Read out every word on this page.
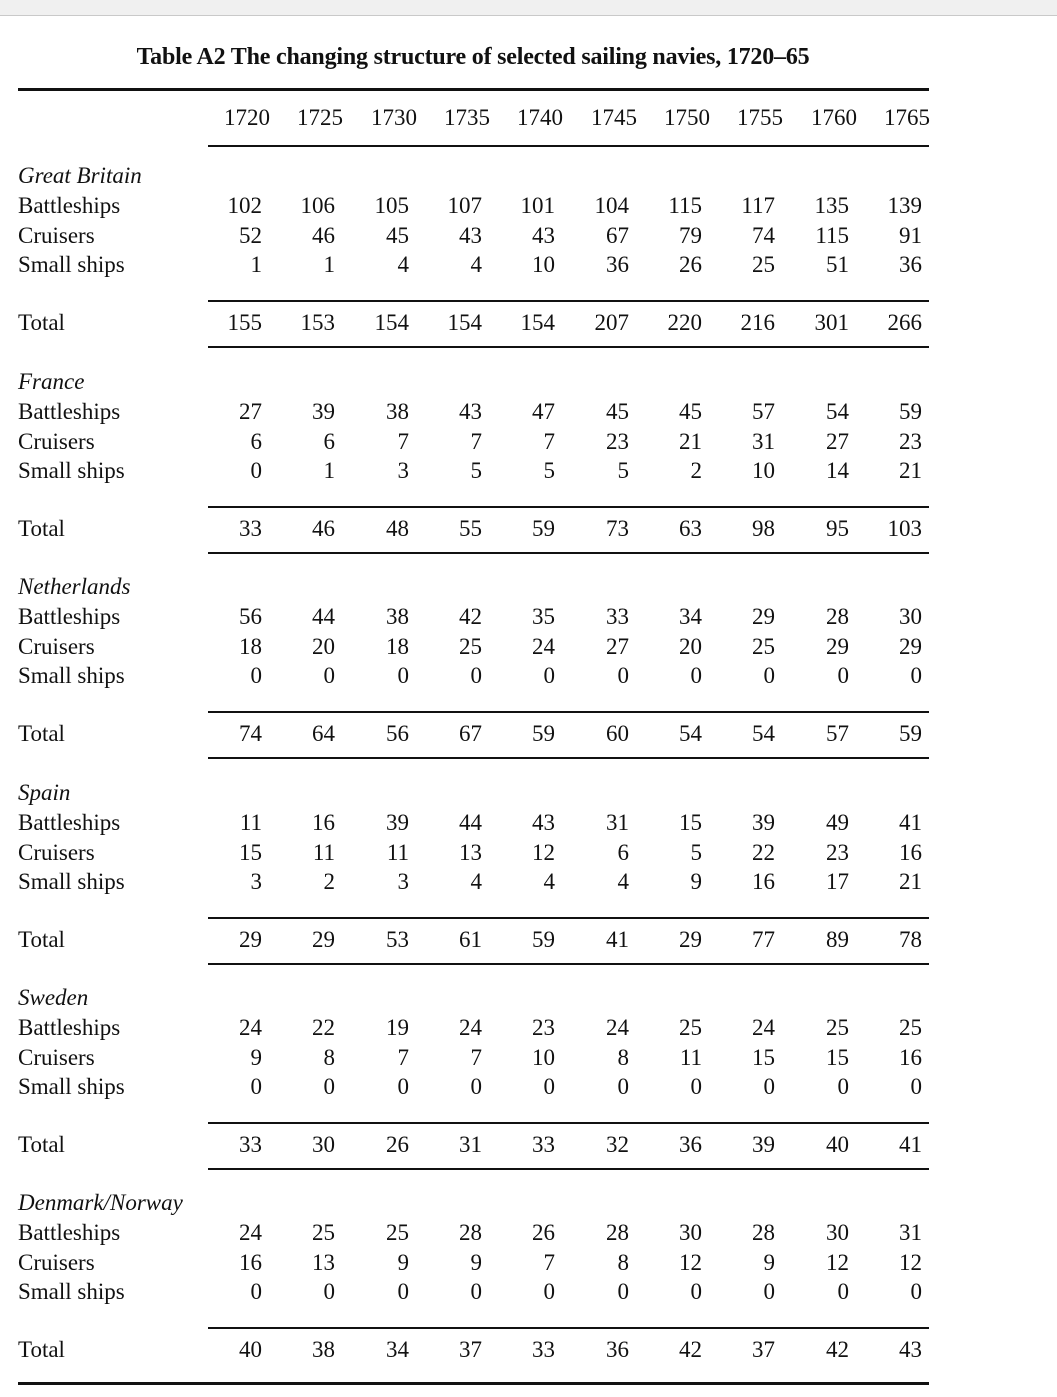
Table A2 The changing structure of selected sailing navies, 1720–65
1720	1725	1730	1735	1740	1745	1750	1755	1760	1765
Great Britain
Battleships	102	106	105	107	101	104	115	117	135	139
Cruisers	52	46	45	43	43	67	79	74	115	91
Small ships	1	1	4	4	10	36	26	25	51	36
Total	155	153	154	154	154	207	220	216	301	266
France
Battleships	27	39	38	43	47	45	45	57	54	59
Cruisers	6	6	7	7	7	23	21	31	27	23
Small ships	0	1	3	5	5	5	2	10	14	21
Total	33	46	48	55	59	73	63	98	95	103
Netherlands
Battleships	56	44	38	42	35	33	34	29	28	30
Cruisers	18	20	18	25	24	27	20	25	29	29
Small ships	0	0	0	0	0	0	0	0	0	0
Total	74	64	56	67	59	60	54	54	57	59
Spain
Battleships	11	16	39	44	43	31	15	39	49	41
Cruisers	15	11	11	13	12	6	5	22	23	16
Small ships	3	2	3	4	4	4	9	16	17	21
Total	29	29	53	61	59	41	29	77	89	78
Sweden
Battleships	24	22	19	24	23	24	25	24	25	25
Cruisers	9	8	7	7	10	8	11	15	15	16
Small ships	0	0	0	0	0	0	0	0	0	0
Total	33	30	26	31	33	32	36	39	40	41
Denmark/Norway
Battleships	24	25	25	28	26	28	30	28	30	31
Cruisers	16	13	9	9	7	8	12	9	12	12
Small ships	0	0	0	0	0	0	0	0	0	0
Total	40	38	34	37	33	36	42	37	42	43
